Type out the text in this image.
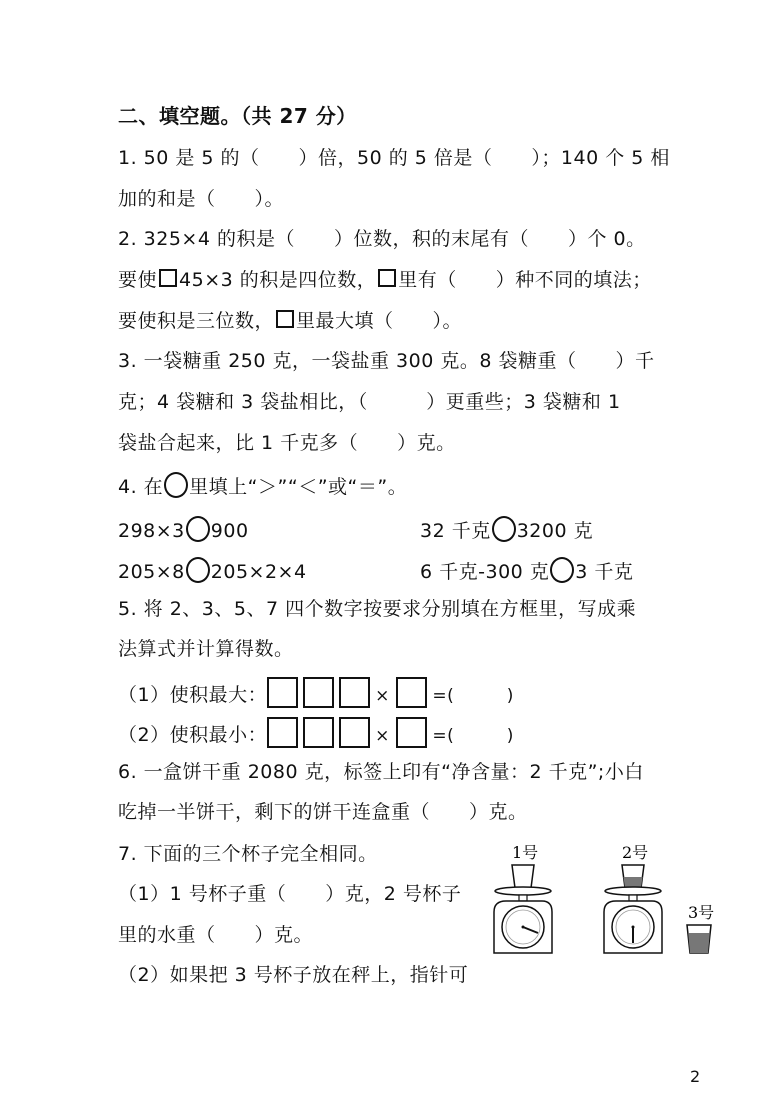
二、填空题。（共 27 分）
1. 50 是 5 的（　　）倍，50 的 5 倍是（　　）；140 个 5 相
加的和是（　　）。
2. 325×4 的积是（　　）位数，积的末尾有（　　）个 0。
要使 45×3 的积是四位数， 里有（　　）种不同的填法；
要使积是三位数， 里最大填（　　）。
3. 一袋糖重 250 克，一袋盐重 300 克。8 袋糖重（　　）千
克；4 袋糖和 3 袋盐相比，（　　　）更重些；3 袋糖和 1
袋盐合起来，比 1 千克多（　　）克。
4. 在 里填上“＞”“＜”或“＝”。
298×3 900	32 千克 3200 克
205×8 205×2×4	6 千克-300 克 3 千克
5. 将 2、3、5、7 四个数字按要求分别填在方框里，写成乘
法算式并计算得数。
（1）使积最大：	×	=(　　　)
（2）使积最小：	×	=(　　　)
6. 一盒饼干重 2080 克，标签上印有“净含量：2 千克”;小白
吃掉一半饼干，剩下的饼干连盒重（　　）克。
7. 下面的三个杯子完全相同。
（1）1 号杯子重（　　）克，2 号杯子
里的水重（　　）克。
（2）如果把 3 号杯子放在秤上，指针可
1号	2号
3号
2
